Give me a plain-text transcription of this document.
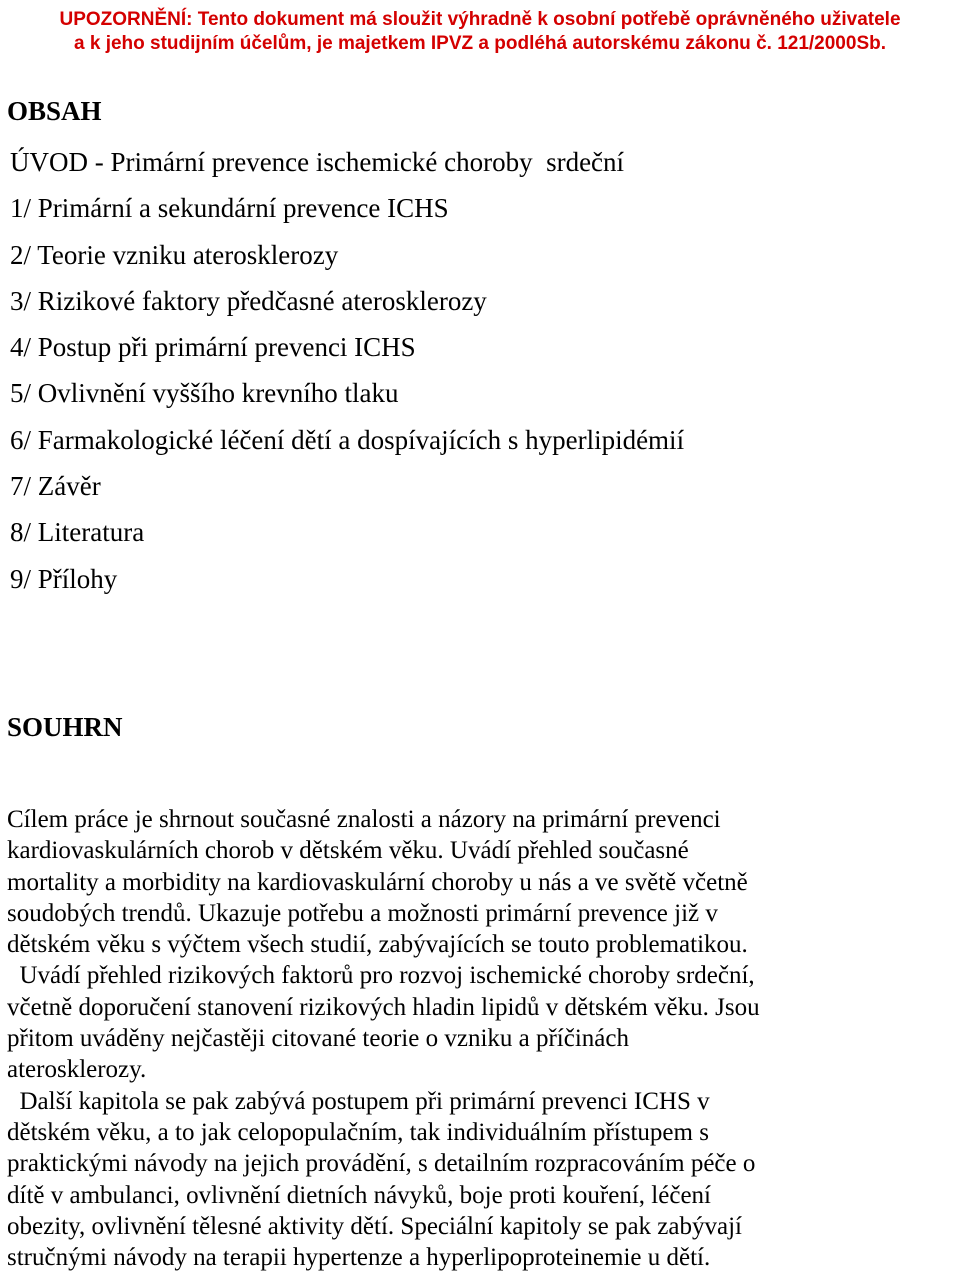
UPOZORNĚNÍ: Tento dokument má sloužit výhradně k osobní potřebě oprávněného uživatele
a k jeho studijním účelům, je majetkem IPVZ a podléhá autorskému zákonu č. 121/2000Sb.
OBSAH
ÚVOD - Primární prevence ischemické choroby  srdeční
1/ Primární a sekundární prevence ICHS
2/ Teorie vzniku aterosklerozy
3/ Rizikové faktory předčasné aterosklerozy
4/ Postup při primární prevenci ICHS
5/ Ovlivnění vyššího krevního tlaku
6/ Farmakologické léčení dětí a dospívajících s hyperlipidémií
7/ Závěr
8/ Literatura
9/ Přílohy
SOUHRN
Cílem práce je shrnout současné znalosti a názory na primární prevenci
kardiovaskulárních chorob v dětském věku. Uvádí přehled současné
mortality a morbidity na kardiovaskulární choroby u nás a ve světě včetně
soudobých trendů. Ukazuje potřebu a možnosti primární prevence již v
dětském věku s výčtem všech studií, zabývajících se touto problematikou.
Uvádí přehled rizikových faktorů pro rozvoj ischemické choroby srdeční,
včetně doporučení stanovení rizikových hladin lipidů v dětském věku. Jsou
přitom uváděny nejčastěji citované teorie o vzniku a příčinách
aterosklerozy.
Další kapitola se pak zabývá postupem při primární prevenci ICHS v
dětském věku, a to jak celopopulačním, tak individuálním přístupem s
praktickými návody na jejich provádění, s detailním rozpracováním péče o
dítě v ambulanci, ovlivnění dietních návyků, boje proti kouření, léčení
obezity, ovlivnění tělesné aktivity dětí. Speciální kapitoly se pak zabývají
stručnými návody na terapii hypertenze a hyperlipoproteinemie u dětí.
